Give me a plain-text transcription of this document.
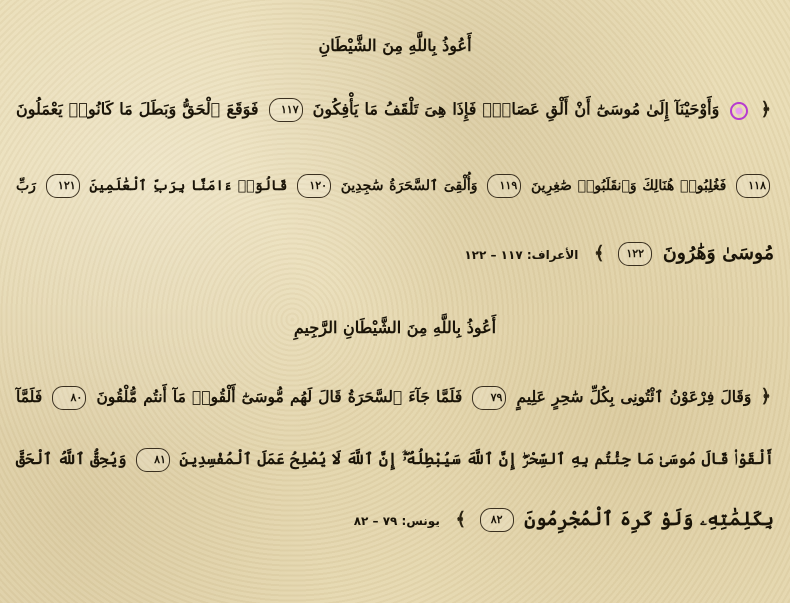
أَعُوذُ بِاللَّهِ مِنَ الشَّيْطَانِ
﴿  وَأَوْحَيْنَآ إِلَىٰ مُوسَىٰٓ أَنْ أَلْقِ عَصَاكَۖ فَإِذَا هِىَ تَلْقَفُ مَا يَأْفِكُونَ ١١٧ فَوَقَعَ ٱلْحَقُّ وَبَطَلَ مَا كَانُوا۟ يَعْمَلُونَ
١١٨ فَغُلِبُوا۟ هُنَالِكَ وَٱنقَلَبُوا۟ صَٰغِرِينَ ١١٩ وَأُلْقِىَ ٱلسَّحَرَةُ سَٰجِدِينَ ١٢٠ قَالُوٓا۟ ءَامَنَّا بِرَبِّ ٱلْعَٰلَمِينَ ١٢١ رَبِّ
مُوسَىٰ وَهَٰرُونَ ١٢٢ ﴾ الأعراف: ١١٧ – ١٢٢
أَعُوذُ بِاللَّهِ مِنَ الشَّيْطَانِ الرَّجِيمِ
﴿ وَقَالَ فِرْعَوْنُ ٱئْتُونِى بِكُلِّ سَٰحِرٍ عَلِيمٍ ٧٩ فَلَمَّا جَآءَ ٱلسَّحَرَةُ قَالَ لَهُم مُّوسَىٰٓ أَلْقُوا۟ مَآ أَنتُم مُّلْقُونَ ٨٠ فَلَمَّآ
أَلْقَوْا۟ قَالَ مُوسَىٰ مَا جِئْتُم بِهِ ٱلسِّحْرُۖ إِنَّ ٱللَّهَ سَيُبْطِلُهُۥٓۖ إِنَّ ٱللَّهَ لَا يُصْلِحُ عَمَلَ ٱلْمُفْسِدِينَ ٨١ وَيُحِقُّ ٱللَّهُ ٱلْحَقَّ
بِكَلِمَٰتِهِۦ وَلَوْ كَرِهَ ٱلْمُجْرِمُونَ ٨٢ ﴾ يونس: ٧٩ – ٨٢
